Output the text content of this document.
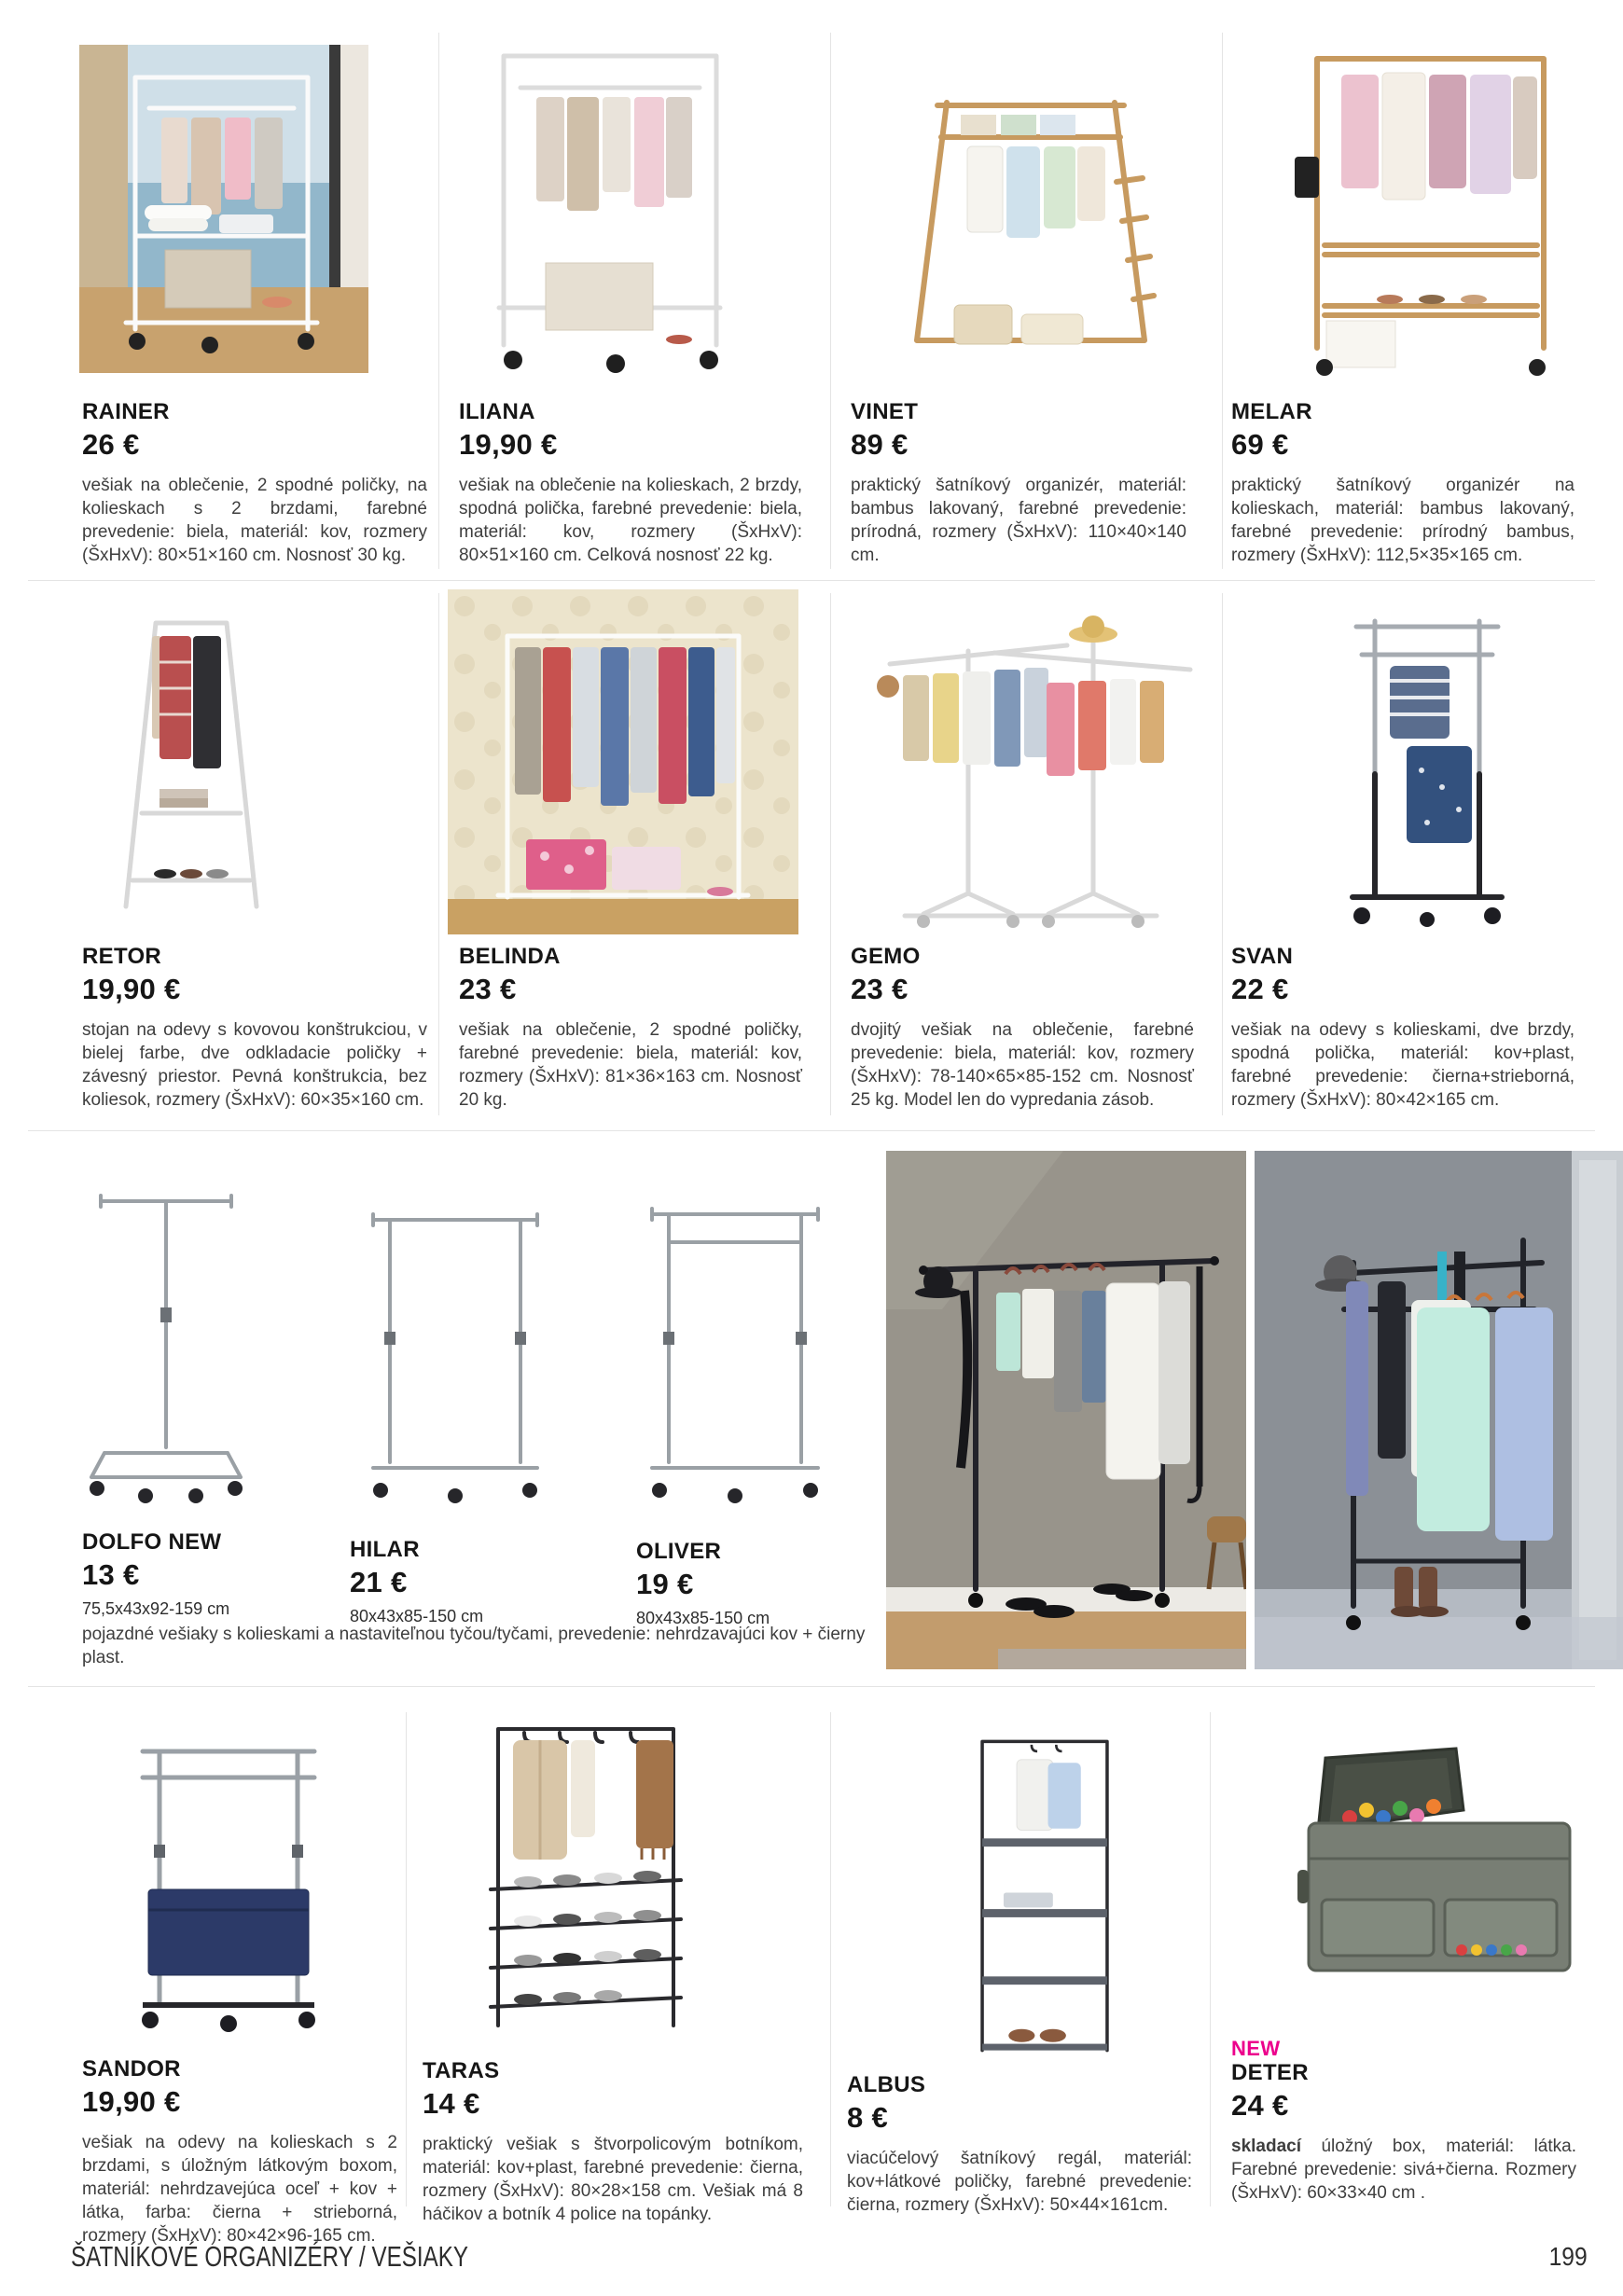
RAINER
26 €
vešiak na oblečenie, 2 spodné poličky, na kolieskach s 2 brzdami, farebné prevedenie: biela, materiál: kov, rozmery (ŠxHxV): 80×51×160 cm. Nosnosť 30 kg.
ILIANA
19,90 €
vešiak na oblečenie na kolieskach, 2 brzdy, spodná polička, farebné prevedenie: biela, materiál: kov, rozmery (ŠxHxV): 80×51×160 cm. Celková nosnosť 22 kg.
VINET
89 €
praktický šatníkový organizér, materiál: bambus lakovaný, farebné prevedenie: prírodná, rozmery (ŠxHxV): 110×40×140 cm.
MELAR
69 €
praktický šatníkový organizér na kolieskach, materiál: bambus lakovaný, farebné prevedenie: prírodný bambus, rozmery (ŠxHxV): 112,5×35×165 cm.
RETOR
19,90 €
stojan na odevy s kovovou konštrukciou, v bielej farbe, dve odkladacie poličky + závesný priestor. Pevná konštrukcia, bez koliesok, rozmery (ŠxHxV): 60×35×160 cm.
BELINDA
23 €
vešiak na oblečenie, 2 spodné poličky, farebné prevedenie: biela, materiál: kov, rozmery (ŠxHxV): 81×36×163 cm. Nosnosť 20 kg.
GEMO
23 €
dvojitý vešiak na oblečenie, farebné prevedenie: biela, materiál: kov, rozmery (ŠxHxV): 78-140×65×85-152 cm. Nosnosť 25 kg. Model len do vypredania zásob.
SVAN
22 €
vešiak na odevy s kolieskami, dve brzdy, spodná polička, materiál: kov+plast, farebné prevedenie: čierna+strieborná, rozmery (ŠxHxV): 80×42×165 cm.
DOLFO NEW
13 €
75,5x43x92-159 cm
HILAR
21 €
80x43x85-150 cm
OLIVER
19 €
80x43x85-150 cm
pojazdné vešiaky s kolieskami a nastaviteľnou tyčou/tyčami, prevedenie: nehrdzavajúci kov + čierny plast.
SANDOR
19,90 €
vešiak na odevy na kolieskach s 2 brzdami, s úložným látkovým boxom, materiál: nehrdzavejúca oceľ + kov + látka, farba: čierna + strieborná, rozmery (ŠxHxV): 80×42×96-165 cm.
TARAS
14 €
praktický vešiak s štvorpolicovým botníkom, materiál: kov+plast, farebné prevedenie: čierna, rozmery (ŠxHxV): 80×28×158 cm. Vešiak má 8 háčikov a botník 4 police na topánky.
ALBUS
8 €
viacúčelový šatníkový regál, materiál: kov+látkové poličky, farebné prevedenie: čierna, rozmery (ŠxHxV): 50×44×161cm.
NEW
DETER
24 €
skladací úložný box, materiál: látka. Farebné prevedenie: sivá+čierna. Rozmery (ŠxHxV): 60×33×40 cm .
ŠATNÍKOVÉ ORGANIZÉRY / VEŠIAKY	199
